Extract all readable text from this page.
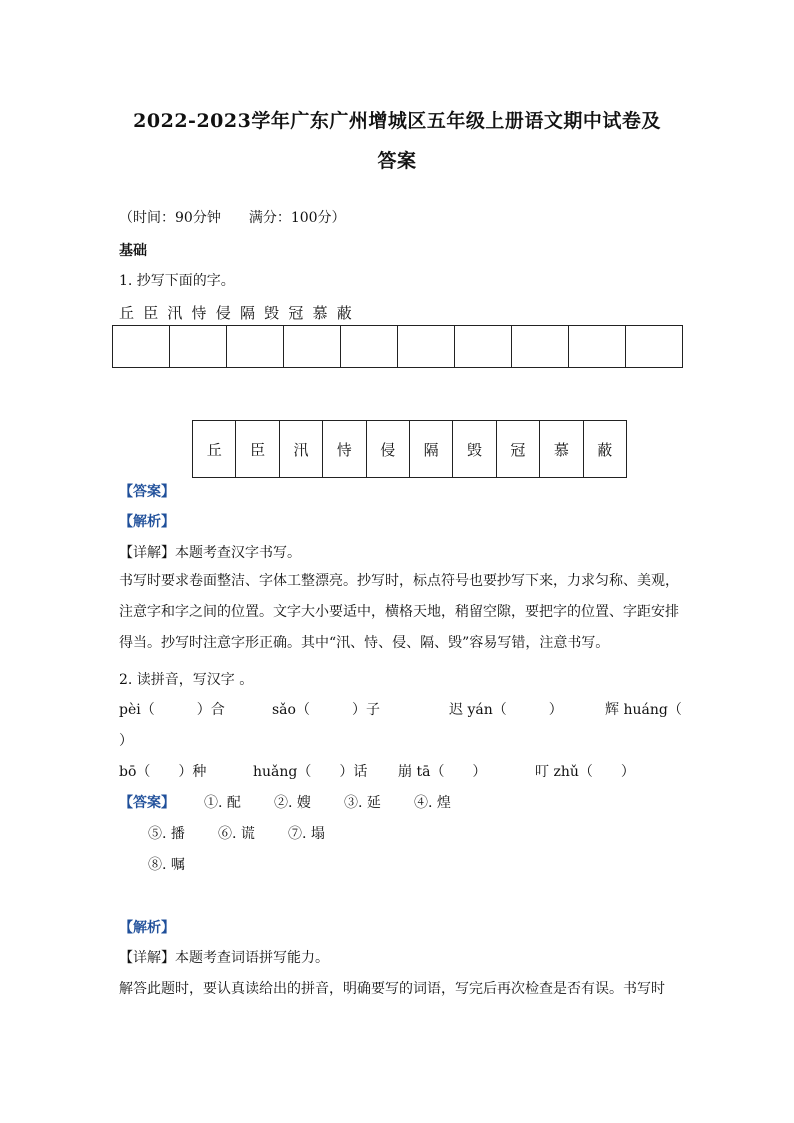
2022-2023学年广东广州增城区五年级上册语文期中试卷及
答案
（时间：90分钟　　满分：100分）
基础
1. 抄写下面的字。
丘 臣 汛 恃 侵 隔 毁 冠 慕 蔽

丘	臣	汛	恃	侵	隔	毁	冠	慕	蔽
【答案】
【解析】
【详解】本题考查汉字书写。
书写时要求卷面整洁、字体工整漂亮。抄写时，标点符号也要抄写下来，力求匀称、美观，注意字和字之间的位置。文字大小要适中，横格天地，稍留空隙，要把字的位置、字距安排得当。抄写时注意字形正确。其中“汛、恃、侵、隔、毁”容易写错，注意书写。
2. 读拼音，写汉字 。
pèi（　　　）合	sǎo（　　　）子	迟 yán（　　　）	辉 huáng（
）
bō（　　）种	huǎng（　　）话 崩 tā（　　）	叮 zhǔ（　　）
【答案】 ①. 配 ②. 嫂 ③. 延 ④. 煌
⑤. 播 ⑥. 谎 ⑦. 塌
⑧. 嘱
【解析】
【详解】本题考查词语拼写能力。
解答此题时，要认真读给出的拼音，明确要写的词语，写完后再次检查是否有误。书写时
